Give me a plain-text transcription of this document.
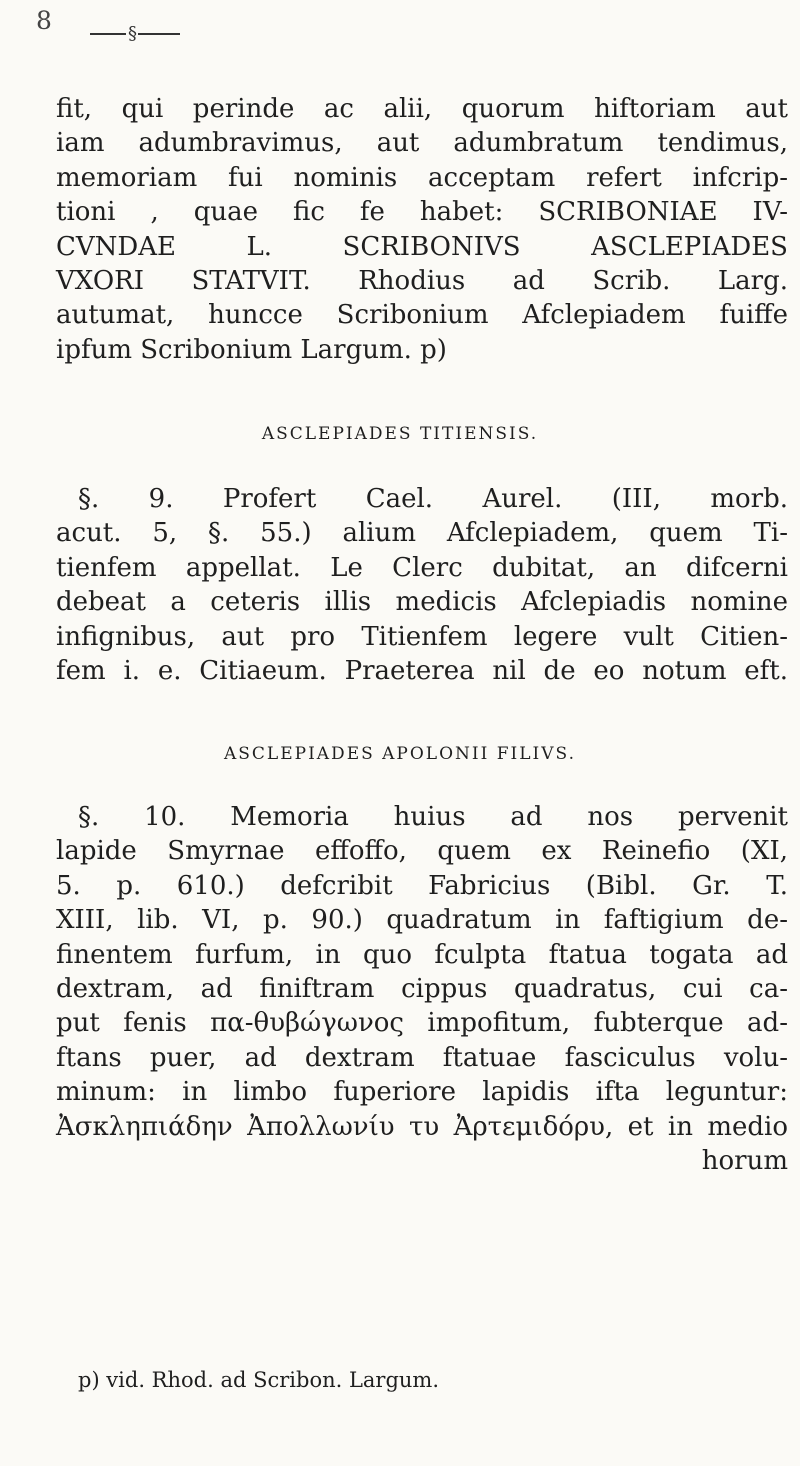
8	§

fit, qui perinde ac alii, quorum hiftoriam aut
iam adumbravimus, aut adumbratum tendimus,
memoriam fui nominis acceptam refert infcrip-
tioni , quae fic fe habet: SCRIBONIAE IV-
CVNDAE L. SCRIBONIVS ASCLEPIADES
VXORI STATVIT. Rhodius ad Scrib. Larg.
autumat, huncce Scribonium Afclepiadem fuiffe
ipfum Scribonium Largum. p)

ASCLEPIADES TITIENSIS.

§. 9. Profert Cael. Aurel. (III, morb.
acut. 5, §. 55.) alium Afclepiadem, quem Ti-
tienfem appellat. Le Clerc dubitat, an difcerni
debeat a ceteris illis medicis Afclepiadis nomine
infignibus, aut pro Titienfem legere vult Citien-
fem i. e. Citiaeum. Praeterea nil de eo notum eft.

ASCLEPIADES APOLONII FILIVS.

§. 10. Memoria huius ad nos pervenit
lapide Smyrnae effoffo, quem ex Reinefio (XI,
5. p. 610.) defcribit Fabricius (Bibl. Gr. T.
XIII, lib. VI, p. 90.) quadratum in faftigium de-
finentem furfum, in quo fculpta ftatua togata ad
dextram, ad finiftram cippus quadratus, cui ca-
put fenis πα-θυβώγωνος impofitum, fubterque ad-
ftans puer, ad dextram ftatuae fasciculus volu-
minum: in limbo fuperiore lapidis ifta leguntur:
Ἀσκληπιάδην Ἀπολλωνίυ τυ Ἀρτεμιδόρυ, et in medio
horum

p) vid. Rhod. ad Scribon. Largum.
